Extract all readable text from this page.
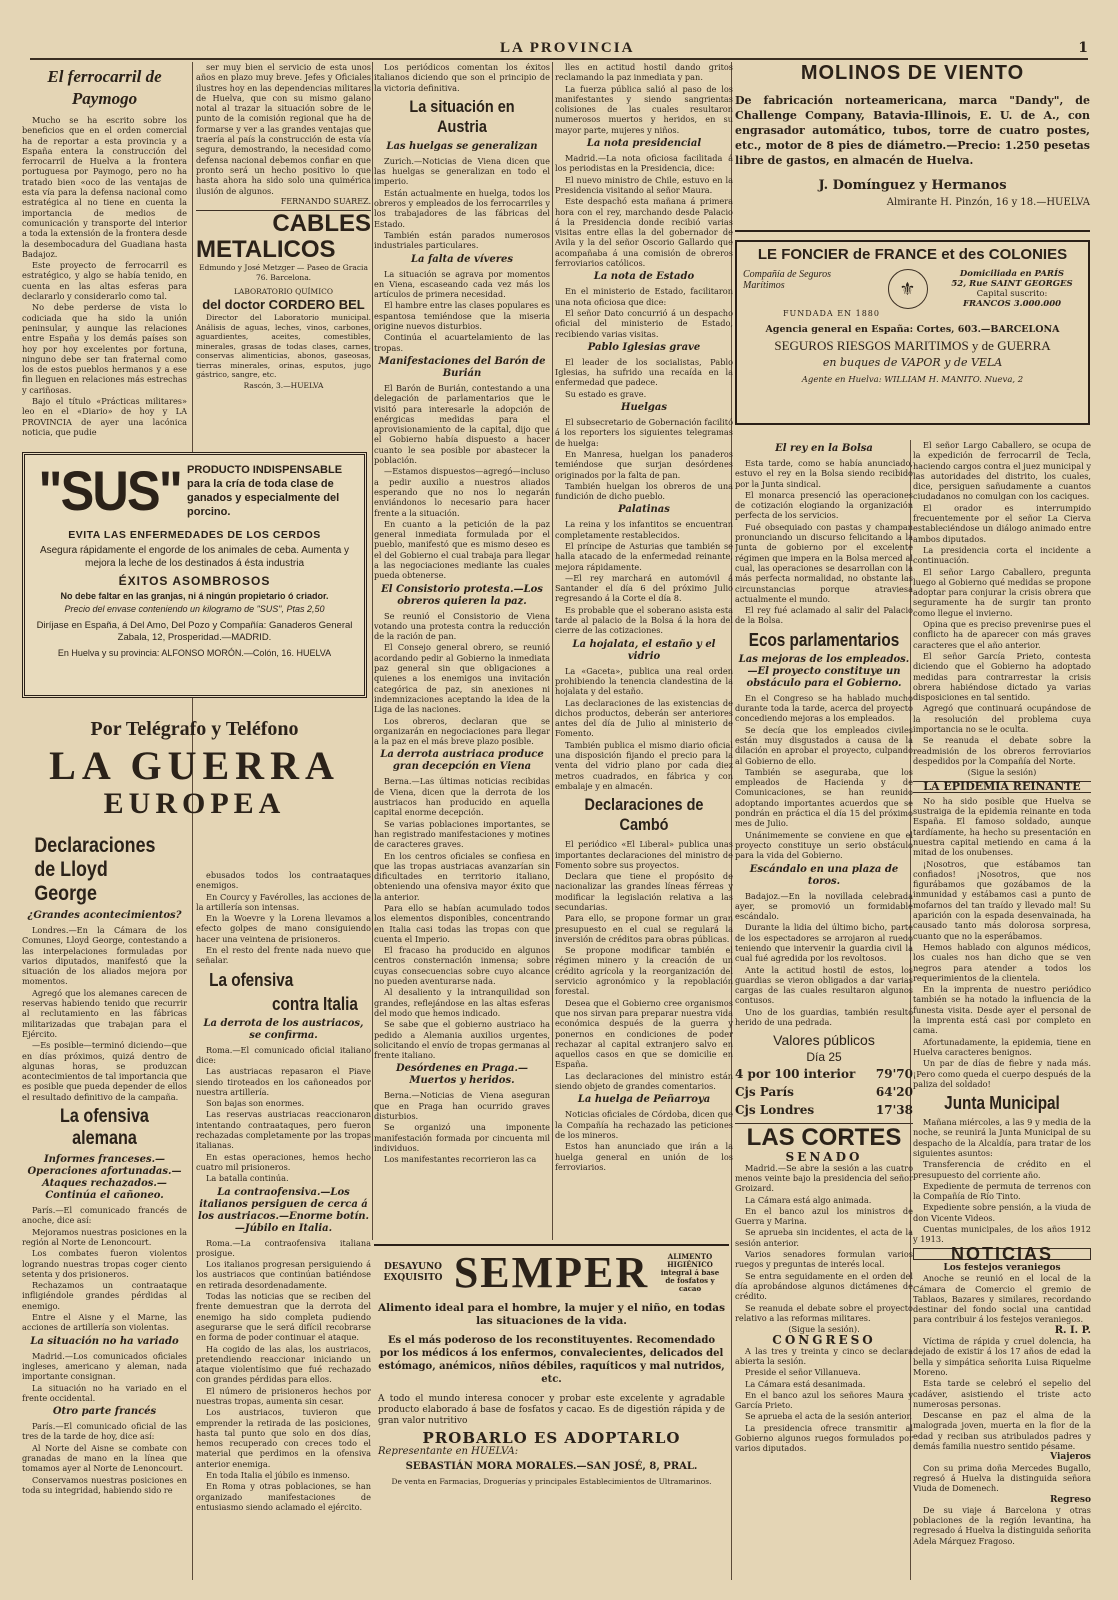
LA PROVINCIA	1
El ferrocarril de Paymogo

Mucho se ha escrito sobre los beneficios que en el orden comercial ha de reportar a esta provincia y a España entera la construcción del ferrocarril de Huelva a la frontera portuguesa por Paymogo, pero no ha tratado bien «oco de las ventajas de esta vía para la defensa nacional como estratégica al no tiene en cuenta la importancia de medios de comunicación y transporte del interior a toda la extensión de la frontera desde la desembocadura del Guadiana hasta Badajoz.

Este proyecto de ferrocarril es estratégico, y algo se había tenido, en cuenta en las altas esferas para declararlo y considerarlo como tal.

No debe perderse de vista lo codiciada que ha sido la unión peninsular, y aunque las relaciones entre España y los demás países son hoy por hoy excelentes por fortuna, ninguno debe ser tan fraternal como los de estos pueblos hermanos y a ese fin lleguen en relaciones más estrechas y cariñosas.

Bajo el título «Prácticas militares» leo en el «Diario» de hoy y LA PROVINCIA de ayer una lacónica noticia, que pudie

"SUS" PRODUCTO INDISPENSABLE para la cría de toda clase de ganados y especialmente del porcino.
EVITA LAS ENFERMEDADES DE LOS CERDOS
Asegura rápidamente el engorde de los animales de ceba. Aumenta y mejora la leche de los destinados á ésta industria
ÉXITOS ASOMBROSOS
No debe faltar en las granjas, ni á ningún propietario ó criador.
Precio del envase conteniendo un kilogramo de "SUS", Ptas 2,50
Diríjase en España, á Del Amo, Del Pozo y Compañía: Ganaderos General Zabala, 12, Prosperidad.—MADRID.
En Huelva y su provincia: ALFONSO MORÓN.—Colón, 16. HUELVA
Por Telégrafo y Teléfono
LA GUERRA
EUROPEA
Declaraciones de Lloyd George
¿Grandes acontecimientos?

Londres.—En la Cámara de los Comunes, Lloyd George, contestando a las interpelaciones formuladas por varios diputados, manifestó que la situación de los aliados mejora por momentos.

Agregó que los alemanes carecen de reservas habiendo tenido que recurrir al reclutamiento en las fábricas militarizadas que trabajan para el Ejército.

—Es posible—terminó diciendo—que en días próximos, quizá dentro de algunas horas, se produzcan acontecimientos de tal importancia que es posible que pueda depender de ellos el resultado definitivo de la campaña.

La ofensiva alemana
Informes franceses.—Operaciones afortunadas.—Ataques rechazados.—Continúa el cañoneo.

París.—El comunicado francés de anoche, dice así:

Mejoramos nuestras posiciones en la región al Norte de Lenoncourt.

Los combates fueron violentos logrando nuestras tropas coger ciento setenta y dos prisioneros.

Rechazamos un contraataque infligiéndole grandes pérdidas al enemigo.

Entre el Aisne y el Marne, las acciones de artillería son violentas.

La situación no ha variado

Madrid.—Los comunicados oficiales ingleses, americano y aleman, nada importante consignan.

La situación no ha variado en el frente occidental.

Otro parte francés

París.—El comunicado oficial de las tres de la tarde de hoy, dice así:

Al Norte del Aisne se combate con granadas de mano en la línea que tomamos ayer al Norte de Lenoncourt.

Conservamos nuestras posiciones en toda su integridad, habiendo sido re

ser muy bien el servicio de esta unos años en plazo muy breve. Jefes y Oficiales ilustres hoy en las dependencias militares de Huelva, que con su mismo galano notal al trazar la situación sobre de le punto de la comisión regional que ha de formarse y ver a las grandes ventajas que traería al país la construcción de esta vía segura, demostrando, la necesidad como defensa nacional debemos confiar en que pronto será un hecho positivo lo que hasta ahora ha sido solo una quimérica ilusión de algunos.

FERNANDO SUAREZ.

CABLES
METALICOS
Edmundo y José Metzger — Paseo de Gracia 76. Barcelona.
LABORATORIO QUÍMICO
del doctor CORDERO BEL

Director del Laboratorio municipal. Análisis de aguas, leches, vinos, carbones, aguardientes, aceites, comestibles, minerales, grasas de todas clases, carnes, conservas alimenticias, abonos, gaseosas, tierras minerales, orinas, esputos, jugo gástrico, sangre, etc.

Rascón, 3.—HUELVA

ebusados todos los contraataques enemigos.

En Courcy y Favérolles, las acciones de la artillería son intensas.

En la Woevre y la Lorena llevamos a efecto golpes de mano consiguiendo hacer una veintena de prisioneros.

En el resto del frente nada nuevo que señalar.

La ofensiva
contra Italia
La derrota de los austriacos, se confirma.

Roma.—El comunicado oficial italiano dice:

Las austriacas repasaron el Piave siendo tiroteados en los cañoneados por nuestra artillería.

Son bajas son enormes.

Las reservas austriacas reaccionaron intentando contraataques, pero fueron rechazadas completamente por las tropas italianas.

En estas operaciones, hemos hecho cuatro mil prisioneros.

La batalla continúa.

La contraofensiva.—Los italianos persiguen de cerca á los austriacos.—Enorme botín.—Júbilo en Italia.

Roma.—La contraofensiva italiana prosigue.

Los italianos progresan persiguiendo á los austriacos que continúan batiéndose en retirada desordenadamente.

Todas las noticias que se reciben del frente demuestran que la derrota del enemigo ha sido completa pudiendo asegurarse que le será difícil recobrarse en forma de poder continuar el ataque.

Ha cogido de las alas, los austriacos, pretendiendo reaccionar iniciando un ataque violentísimo que fué rechazado con grandes pérdidas para ellos.

El número de prisioneros hechos por nuestras tropas, aumenta sin cesar.

Los austriacos, tuvieron que emprender la retirada de las posiciones, hasta tal punto que solo en dos días, hemos recuperado con creces todo el material que perdimos en la ofensiva anterior enemiga.

En toda Italia el júbilo es inmenso.

En Roma y otras poblaciones, se han organizado manifestaciones de entusiasmo siendo aclamado el ejército.

Los periódicos comentan los éxitos italianos diciendo que son el principio de la victoria definitiva.

La situación en Austria
Las huelgas se generalizan

Zurich.—Noticias de Viena dicen que las huelgas se generalizan en todo el imperio.

Están actualmente en huelga, todos los obreros y empleados de los ferrocarriles y los trabajadores de las fábricas del Estado.

También están parados numerosos industriales particulares.

La falta de víveres

La situación se agrava por momentos en Viena, escaseando cada vez más los artículos de primera necesidad.

El hambre entre las clases populares es espantosa temiéndose que la miseria origine nuevos disturbios.

Continúa el acuartelamiento de las tropas.

Manifestaciones del Barón de Burián

El Barón de Burián, contestando a una delegación de parlamentarios que le visitó para interesarle la adopción de enérgicas medidas para el aprovisionamiento de la capital, dijo que el Gobierno había dispuesto a hacer cuanto le sea posible por abastecer la población.

—Estamos dispuestos—agregó—incluso a pedir auxilio a nuestros aliados esperando que no nos lo negarán enviándonos lo necesario para hacer frente a la situación.

En cuanto a la petición de la paz general inmediata formulada por el pueblo, manifestó que es mismo deseo es el del Gobierno el cual trabaja para llegar a las negociaciones mediante las cuales pueda obtenerse.

El Consistorio protesta.—Los obreros quieren la paz.

Se reunió el Consistorio de Viena votando una protesta contra la reducción de la ración de pan.

El Consejo general obrero, se reunió acordando pedir al Gobierno la inmediata paz general sin que obligaciones a quienes a los enemigos una invitación categórica de paz, sin anexiones ni indemnizaciones aceptando la idea de la Liga de las naciones.

Los obreros, declaran que se organizarán en negociaciones para llegar a la paz en el más breve plazo posible.

La derrota austriaca produce gran decepción en Viena

Berna.—Las últimas noticias recibidas de Viena, dicen que la derrota de los austriacos han producido en aquella capital enorme decepción.

Se varias poblaciones importantes, se han registrado manifestaciones y motines de caracteres graves.

En los centros oficiales se confiesa en que las tropas austriacas avanzarían sin dificultades en territorio italiano, obteniendo una ofensiva mayor éxito que la anterior.

Para ello se habían acumulado todos los elementos disponibles, concentrando en Italia casi todas las tropas con que cuenta el Imperio.

El fracaso ha producido en algunos centros consternación inmensa; sobre cuyas consecuencias sobre cuyo alcance no pueden aventurarse nada.

Al desaliento y la intranquilidad son grandes, reflejándose en las altas esferas del modo que hemos indicado.

Se sabe que el gobierno austriaco ha pedido a Alemania auxilios urgentes, solicitando el envío de tropas germanas al frente italiano.

Desórdenes en Praga.—Muertos y heridos.

Berna.—Noticias de Viena aseguran que en Praga han ocurrido graves disturbios.

Se organizó una imponente manifestación formada por cincuenta mil individuos.

Los manifestantes recorrieron las ca

lles en actitud hostil dando gritos reclamando la paz inmediata y pan.

La fuerza pública salió al paso de los manifestantes y siendo sangrientas colisiones de las cuales resultaron numerosos muertos y heridos, en su mayor parte, mujeres y niños.

La nota presidencial

Madrid.—La nota oficiosa facilitada á los periodistas en la Presidencia, dice:

El nuevo ministro de Chile, estuvo en la Presidencia visitando al señor Maura.

Este despachó esta mañana á primera hora con el rey, marchando desde Palacio á la Presidencia donde recibió varias visitas entre ellas la del gobernador de Avila y la del señor Oscorio Gallardo que acompañaba á una comisión de obreros ferroviarios católicos.

La nota de Estado

En el ministerio de Estado, facilitaron una nota oficiosa que dice:

El señor Dato concurrió á un despacho oficial del ministerio de Estado, recibiendo varias visitas.

Pablo Iglesias grave

El leader de los socialistas, Pablo Iglesias, ha sufrido una recaída en la enfermedad que padece.

Su estado es grave.

Huelgas

El subsecretario de Gobernación facilitó á los reporters los siguientes telegramas de huelga:

En Manresa, huelgan los panaderos temiéndose que surjan desórdenes originados por la falta de pan.

También huelgan los obreros de una fundición de dicho pueblo.

Palatinas

La reina y los infantitos se encuentran completamente restablecidos.

El príncipe de Asturias que también se halla atacado de la enfermedad reinante, mejora rápidamente.

—El rey marchará en automóvil á Santander el día 6 del próximo Julio regresando á la Corte el día 8.

Es probable que el soberano asista esta tarde al palacio de la Bolsa á la hora del cierre de las cotizaciones.

La hojalata, el estaño y el vidrio

La «Gaceta», publica una real orden prohibiendo la tenencia clandestina de la hojalata y del estaño.

Las declaraciones de las existencias de dichos productos, deberán ser anteriores antes del día de Julio al ministerio de Fomento.

También publica el mismo diario oficial una disposición fijando el precio para la venta del vidrio plano por cada diez metros cuadrados, en fábrica y con embalaje y en almacén.

Declaraciones de Cambó

El periódico «El Liberal» publica unas importantes declaraciones del ministro de Fomento sobre sus proyectos.

Declara que tiene el propósito de nacionalizar las grandes líneas férreas y modificar la legislación relativa a las secundarias.

Para ello, se propone formar un gran presupuesto en el cual se regulará la inversión de créditos para obras públicas.

Se propone modificar también el régimen minero y la creación de un crédito agrícola y la reorganización del servicio agronómico y la repoblación forestal.

Desea que el Gobierno cree organismos que nos sirvan para preparar nuestra vida económica después de la guerra y ponernos en condiciones de poder rechazar al capital extranjero salvo en aquellos casos en que se domicilie en España.

Las declaraciones del ministro están siendo objeto de grandes comentarios.

La huelga de Peñarroya

Noticias oficiales de Córdoba, dicen que la Compañía ha rechazado las peticiones de los mineros.

Estos han anunciado que irán a la huelga general en unión de los ferroviarios.

DESAYUNO
EXQUISITO SEMPER	ALIMENTO HIGIÉNICO integral á base de fosfatos y cacao
Alimento ideal para el hombre, la mujer y el niño, en todas las situaciones de la vida.
Es el más poderoso de los reconstituyentes. Recomendado por los médicos á los enfermos, convalecientes, delicados del estómago, anémicos, niños débiles, raquíticos y mal nutridos, etc.
A todo el mundo interesa conocer y probar este excelente y agradable producto elaborado á base de fosfatos y cacao. Es de digestión rápida y de gran valor nutritivo
PROBARLO ES ADOPTARLO
Representante en HUELVA:
SEBASTIÁN MORA MORALES.—SAN JOSÉ, 8, PRAL.
De venta en Farmacias, Droguerías y principales Establecimientos de Ultramarinos.
MOLINOS DE VIENTO
De fabricación norteamericana, marca "Dandy", de Challenge Company, Batavia-Illinois, E. U. de A., con engrasador automático, tubos, torre de cuatro postes, etc., motor de 8 pies de diámetro.—Precio: 1.250 pesetas libre de gastos, en almacén de Huelva.
J. Domínguez y Hermanos
Almirante H. Pinzón, 16 y 18.—HUELVA
LE FONCIER de FRANCE et des COLONIES
Compañía de Seguros Marítimos	⚜
Domiciliada en PARÍS
52, Rue SAINT GEORGES
Capital suscrito:
FRANCOS 3.000.000
FUNDADA EN 1880
Agencia general en España: Cortes, 603.—BARCELONA
SEGUROS RIESGOS MARITIMOS y de GUERRA
en buques de VAPOR y de VELA
Agente en Huelva: WILLIAM H. MANITO. Nueva, 2
El rey en la Bolsa

Esta tarde, como se había anunciado, estuvo el rey en la Bolsa siendo recibido por la Junta sindical.

El monarca presenció las operaciones de cotización elogiando la organización perfecta de los servicios.

Fué obsequiado con pastas y champan pronunciando un discurso felicitando a la Junta de gobierno por el excelente régimen que impera en la Bolsa merced al cual, las operaciones se desarrollan con la más perfecta normalidad, no obstante las circunstancias porque atraviesa actualmente el mundo.

El rey fué aclamado al salir del Palacio de la Bolsa.

Ecos parlamentarios
Las mejoras de los empleados.—El proyecto constituye un obstáculo para el Gobierno.

En el Congreso se ha hablado mucho durante toda la tarde, acerca del proyecto concediendo mejoras a los empleados.

Se decía que los empleados civiles están muy disgustados a causa de la dilación en aprobar el proyecto, culpando al Gobierno de ello.

También se aseguraba, que los empleados de Hacienda y de Comunicaciones, se han reunido adoptando importantes acuerdos que se pondrán en práctica el día 15 del próximo mes de Julio.

Unánimemente se conviene en que el proyecto constituye un serio obstáculo para la vida del Gobierno.

Escándalo en una plaza de toros.

Badajoz.—En la novillada celebrada ayer, se promovió un formidable escándalo.

Durante la lidia del último bicho, parte de los espectadores se arrojaron al ruedo teniendo que intervenir la guardia civil la cual fué agredida por los revoltosos.

Ante la actitud hostil de estos, los guardias se vieron obligados a dar varias cargas de las cuales resultaron algunos contusos.

Uno de los guardias, también resultó herido de una pedrada.

Valores públicos
Día 25
4 por 100 interior 79'70
Cjs París	64'20
Cjs Londres	17'38
LAS CORTES
SENADO

Madrid.—Se abre la sesión a las cuatro menos veinte bajo la presidencia del señor Groizard.

La Cámara está algo animada.

En el banco azul los ministros de Guerra y Marina.

Se aprueba sin incidentes, el acta de la sesión anterior.

Varios senadores formulan varios ruegos y preguntas de interés local.

Se entra seguidamente en el orden del día aprobándose algunos dictámenes de crédito.

Se reanuda el debate sobre el proyecto relativo a las reformas militares.

(Sigue la sesión).

CONGRESO

A las tres y treinta y cinco se declara abierta la sesión.

Preside el señor Villanueva.

La Cámara está desanimada.

En el banco azul los señores Maura y García Prieto.

Se aprueba el acta de la sesión anterior.

La presidencia ofrece transmitir al Gobierno algunos ruegos formulados por varios diputados.

El señor Largo Caballero, se ocupa de la expedición de ferrocarril de Tecla, haciendo cargos contra el juez municipal y las autoridades del distrito, los cuales, dice, persiguen sañudamente a cuantos ciudadanos no comulgan con los caciques.

El orador es interrumpido frecuentemente por el señor La Cierva estableciéndose un diálogo animado entre ambos diputados.

La presidencia corta el incidente a continuación.

El señor Largo Caballero, pregunta luego al Gobierno qué medidas se propone adoptar para conjurar la crisis obrera que seguramente ha de surgir tan pronto como llegue el invierno.

Opina que es preciso prevenirse pues el conflicto ha de aparecer con más graves caracteres que el año anterior.

El señor García Prieto, contesta diciendo que el Gobierno ha adoptado medidas para contrarrestar la crisis obrera habiéndose dictado ya varias disposiciones en tal sentido.

Agregó que continuará ocupándose de la resolución del problema cuya importancia no se le oculta.

Se reanuda el debate sobre la readmisión de los obreros ferroviarios despedidos por la Compañía del Norte.

(Sigue la sesión)

LA EPIDEMIA REINANTE

No ha sido posible que Huelva se sustraiga de la epidemia reinante en toda España. El famoso soldado, aunque tardíamente, ha hecho su presentación en nuestra capital metiendo en cama á la mitad de los onubenses.

¡Nosotros, que estábamos tan confiados! ¡Nosotros, que nos figurábamos que gozábamos de la inmunidad y estábamos casi a punto de mofarnos del tan traído y llevado mal! Su aparición con la espada desenvainada, ha causado tanto más dolorosa sorpresa, cuanto que no la esperábamos.

Hemos hablado con algunos médicos, los cuales nos han dicho que se ven negros para atender a todos los requerimientos de la clientela.

En la imprenta de nuestro periódico también se ha notado la influencia de la funesta visita. Desde ayer el personal de la imprenta está casi por completo en cama.

Afortunadamente, la epidemia, tiene en Huelva caracteres benignos.

Un par de días de fiebre y nada más. ¡Pero como queda el cuerpo después de la paliza del soldado!

Junta Municipal

Mañana miércoles, a las 9 y media de la noche, se reunirá la Junta Municipal de su despacho de la Alcaldía, para tratar de los siguientes asuntos:

Transferencia de crédito en el presupuesto del corriente año.

Expediente de permuta de terrenos con la Compañía de Río Tinto.

Expediente sobre pensión, a la viuda de don Vicente Videos.

Cuentas municipales, de los años 1912 y 1913.

NOTICIAS
Los festejos veraniegos

Anoche se reunió en el local de la Cámara de Comercio el gremio de Tablaos, Bazares y similares, recordando destinar del fondo social una cantidad para contribuir á los festejos veraniegos.

R. I. P.

Víctima de rápida y cruel dolencia, ha dejado de existir á los 17 años de edad la bella y simpática señorita Luisa Riquelme Moreno.

Esta tarde se celebró el sepelio del cadáver, asistiendo el triste acto numerosas personas.

Descanse en paz el alma de la malograda joven, muerta en la flor de la edad y reciban sus atribulados padres y demás familia nuestro sentido pésame.

Viajeros

Con su prima doña Mercedes Bugallo, regresó á Huelva la distinguida señora Viuda de Domenech.

Regreso

De su viaje á Barcelona y otras poblaciones de la región levantina, ha regresado á Huelva la distinguida señorita Adela Márquez Fragoso.
